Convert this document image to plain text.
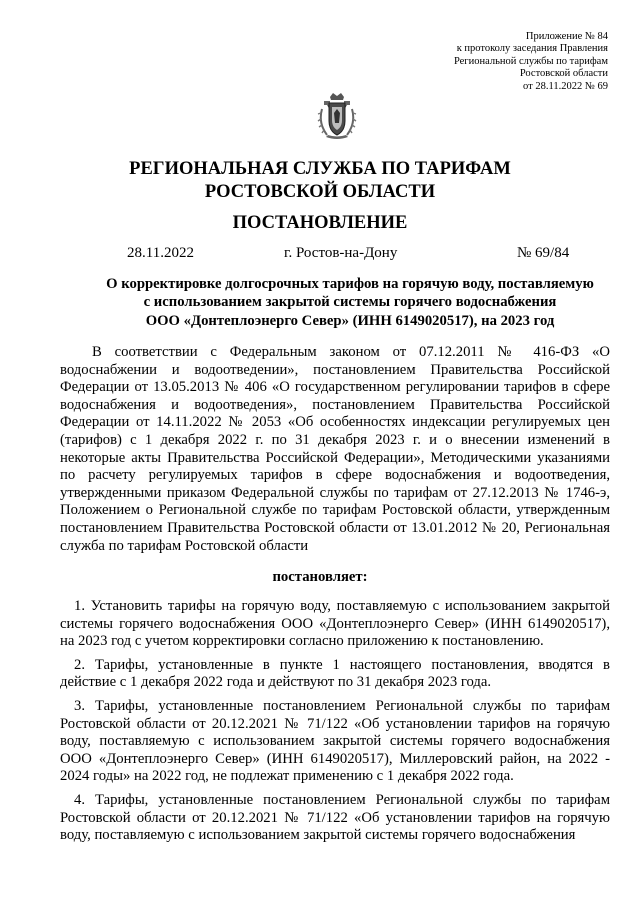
Приложение № 84
к протоколу заседания Правления
Региональной службы по тарифам
Ростовской области
от 28.11.2022 № 69
РЕГИОНАЛЬНАЯ СЛУЖБА ПО ТАРИФАМ
РОСТОВСКОЙ ОБЛАСТИ
ПОСТАНОВЛЕНИЕ
28.11.2022	г. Ростов-на-Дону	№ 69/84
О корректировке долгосрочных тарифов на горячую воду, поставляемую
с использованием закрытой системы горячего водоснабжения
ООО «Донтеплоэнерго Север» (ИНН 6149020517), на 2023 год

В соответствии с Федеральным законом от 07.12.2011 № 416-ФЗ «О водоснабжении и водоотведении», постановлением Правительства Российской Федерации от 13.05.2013 № 406 «О государственном регулировании тарифов в сфере водоснабжения и водоотведения», постановлением Правительства Российской Федерации от 14.11.2022 № 2053 «Об особенностях индексации регулируемых цен (тарифов) с 1 декабря 2022 г. по 31 декабря 2023 г. и о внесении изменений в некоторые акты Правительства Российской Федерации», Методическими указаниями по расчету регулируемых тарифов в сфере водоснабжения и водоотведения, утвержденными приказом Федеральной службы по тарифам от 27.12.2013 № 1746-э, Положением о Региональной службе по тарифам Ростовской области, утвержденным постановлением Правительства Ростовской области от 13.01.2012 № 20, Региональная служба по тарифам Ростовской области

постановляет:

1. Установить тарифы на горячую воду, поставляемую с использованием закрытой системы горячего водоснабжения ООО «Донтеплоэнерго Север» (ИНН 6149020517), на 2023 год с учетом корректировки согласно приложению к постановлению.

2. Тарифы, установленные в пункте 1 настоящего постановления, вводятся в действие с 1 декабря 2022 года и действуют по 31 декабря 2023 года.

3. Тарифы, установленные постановлением Региональной службы по тарифам Ростовской области от 20.12.2021 № 71/122 «Об установлении тарифов на горячую воду, поставляемую с использованием закрытой системы горячего водоснабжения ООО «Донтеплоэнерго Север» (ИНН 6149020517), Миллеровский район, на 2022 - 2024 годы» на 2022 год, не подлежат применению с 1 декабря 2022 года.

4. Тарифы, установленные постановлением Региональной службы по тарифам Ростовской области от 20.12.2021 № 71/122 «Об установлении тарифов на горячую воду, поставляемую с использованием закрытой системы горячего водоснабжения
